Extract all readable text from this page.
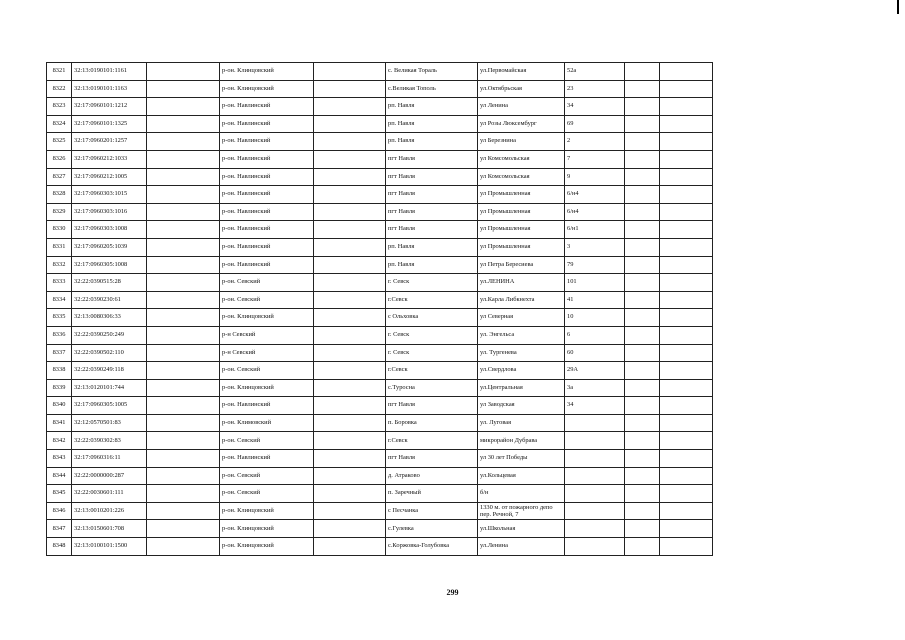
8321	32:13:0190101:1161		р-он. Клинцовский		с. Великая Topaль	ул.Первомайская	52а		
8322	32:13:0190101:1163		р-он. Клинцовский		с.Великая Тополь	ул.Октябрьская	23		
8323	32:17:0960101:1212		р-он. Навлинский		рп. Навля	ул Ленина	34		
8324	32:17:0960101:1325		р-он. Навлинский		рп. Навля	ул Розы Люксембург	69		
8325	32:17:0960201:1257		р-он. Навлинский		рп. Навля	ул Березнина	2		
8326	32:17:0960212:1033		р-он. Навлинский		пгт Навля	ул Комсомольская	7		
8327	32:17:0960212:1005		р-он. Навлинский		пгт Навля	ул Комсомольская	9		
8328	32:17:0960303:1015		р-он. Навлинский		пгт Навля	ул Промышленная	6/н4		
8329	32:17:0960303:1016		р-он. Навлинский		пгт Навля	ул Промышленная	6/н4		
8330	32:17:0960303:1008		р-он. Навлинский		пгт Навля	ул Промышленная	6/н1		
8331	32:17:0960205:1039		р-он. Навлинский		рп. Навля	ул Промышленная	3		
8332	32:17:0960305:1008		р-он. Навлинский		рп. Навля	ул Петра Бересиева	79		
8333	32:22:0390515:28		р-он. Севский		г. Севск	ул.ЛЕНИНА	101		
8334	32:22:0390230:61		р-он. Севский		г.Севск	ул.Карла Либкнехта	41		
8335	32:13:0080306:33		р-он. Клинцовский		с Ольховка	ул Северная	10		
8336	32:22:0390250:249		р-н Севский		г. Севск	ул. Энгельса	6		
8337	32:22:0390502:110		р-н Севский		г. Севск	ул. Тургенева	60		
8338	32:22:0390249:118		р-он. Севский		г.Севск	ул.Свердлова	29А		
8339	32:13:0120101:744		р-он. Клинцовский		с.Туросна	ул.Центральная	3а		
8340	32:17:0960305:1005		р-он. Навлинский		пгт Навля	ул Заводская	34		
8341	32:12:0570501:83		р-он. Климовский		п. Боровка	ул. Луговая			
8342	32:22:0390302:83		р-он. Севский		г.Севск	микрорайон Дубрава			
8343	32:17:0960316:11		р-он. Навлинский		пгт Навля	ул 30 лет Победы			
8344	32:22:0000000:287		р-он. Севский		д. Атраково	ул.Кольцевая			
8345	32:22:0030601:111		р-он. Севский		п. Заречный	б/н			
8346	32:13:0010201:226		р-он. Клинцовский		с Песчанка	1330 м. от пожарного депо пер. Речной, 7			
8347	32:13:0150601:708		р-он. Клинцовский		с.Гулевка	ул.Школьная			
8348	32:13:0100101:1500		р-он. Клинцовский		с.Коржовка-Голубовка	ул.Ленина			
299
